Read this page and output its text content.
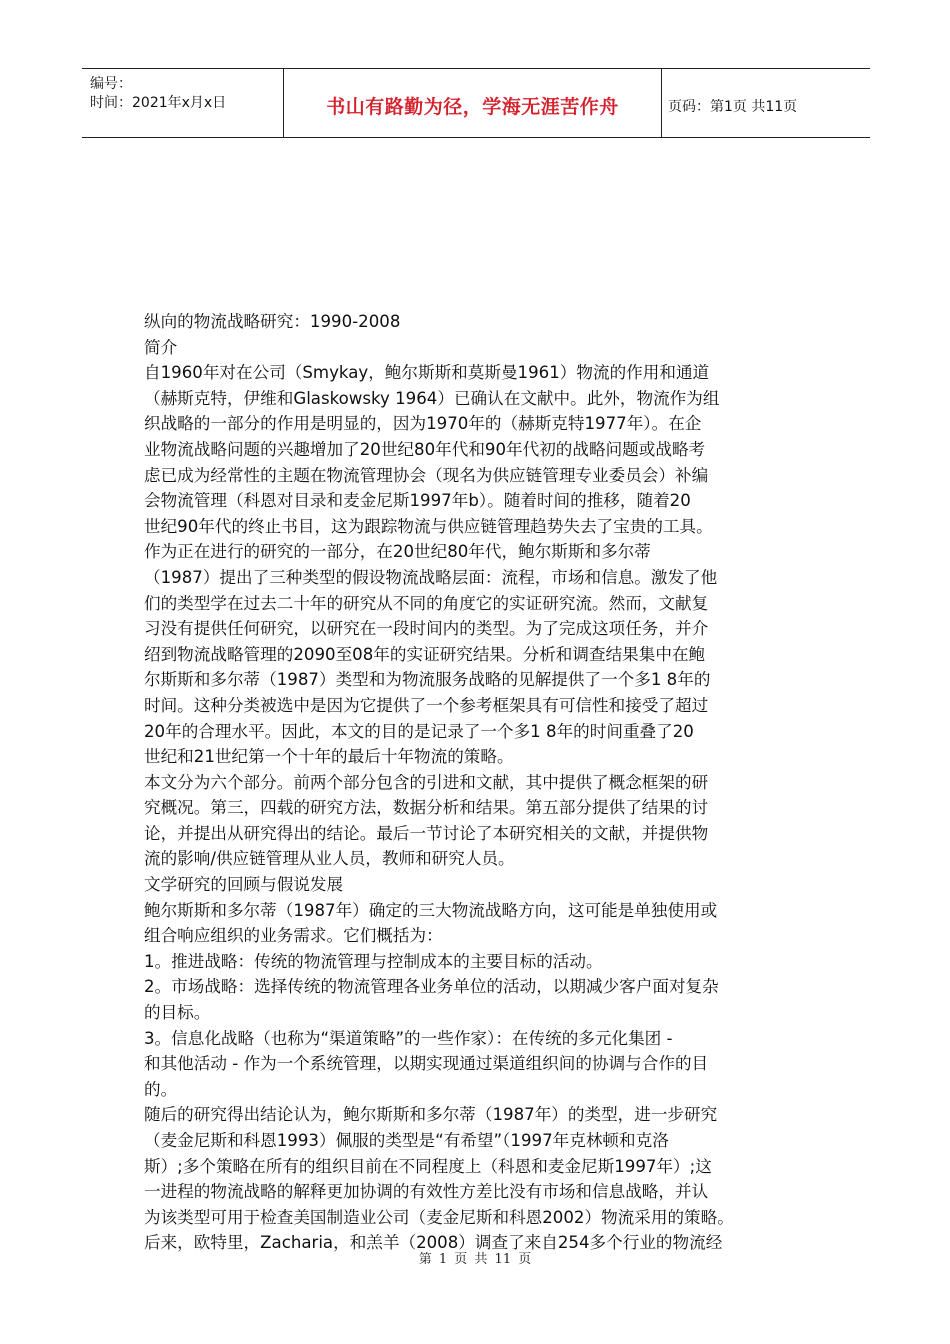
编号：
时间：2021年x月x日	书山有路勤为径，学海无涯苦作舟	页码：第1页 共11页

纵向的物流战略研究：1990-2008

简介

自1960年对在公司（Smykay，鲍尔斯斯和莫斯曼1961）物流的作用和通道

（赫斯克特，伊维和Glaskowsky 1964）已确认在文献中。此外，物流作为组

织战略的一部分的作用是明显的，因为1970年的（赫斯克特1977年）。在企

业物流战略问题的兴趣增加了20世纪80年代和90年代初的战略问题或战略考

虑已成为经常性的主题在物流管理协会（现名为供应链管理专业委员会）补编

会物流管理（科恩对目录和麦金尼斯1997年b）。随着时间的推移，随着20

世纪90年代的终止书目，这为跟踪物流与供应链管理趋势失去了宝贵的工具。

作为正在进行的研究的一部分，在20世纪80年代，鲍尔斯斯和多尔蒂

（1987）提出了三种类型的假设物流战略层面：流程，市场和信息。激发了他

们的类型学在过去二十年的研究从不同的角度它的实证研究流。然而，文献复

习没有提供任何研究，以研究在一段时间内的类型。为了完成这项任务，并介

绍到物流战略管理的2090至08年的实证研究结果。分析和调查结果集中在鲍

尔斯斯和多尔蒂（1987）类型和为物流服务战略的见解提供了一个多1 8年的

时间。这种分类被选中是因为它提供了一个参考框架具有可信性和接受了超过

20年的合理水平。因此，本文的目的是记录了一个多1 8年的时间重叠了20

世纪和21世纪第一个十年的最后十年物流的策略。

本文分为六个部分。前两个部分包含的引进和文献，其中提供了概念框架的研

究概况。第三，四载的研究方法，数据分析和结果。第五部分提供了结果的讨

论，并提出从研究得出的结论。最后一节讨论了本研究相关的文献，并提供物

流的影响/供应链管理从业人员，教师和研究人员。

文学研究的回顾与假说发展

鲍尔斯斯和多尔蒂（1987年）确定的三大物流战略方向，这可能是单独使用或

组合响应组织的业务需求。它们概括为：

1。推进战略：传统的物流管理与控制成本的主要目标的活动。

2。市场战略：选择传统的物流管理各业务单位的活动，以期减少客户面对复杂

的目标。

3。信息化战略（也称为“渠道策略”的一些作家）：在传统的多元化集团 -

和其他活动 - 作为一个系统管理，以期实现通过渠道组织间的协调与合作的目

的。

随后的研究得出结论认为，鲍尔斯斯和多尔蒂（1987年）的类型，进一步研究

（麦金尼斯和科恩1993）佩服的类型是“有希望”（1997年克林顿和克洛

斯）;多个策略在所有的组织目前在不同程度上（科恩和麦金尼斯1997年）;这

一进程的物流战略的解释更加协调的有效性方差比没有市场和信息战略，并认

为该类型可用于检查美国制造业公司（麦金尼斯和科恩2002）物流采用的策略。

后来，欧特里，Zacharia，和羔羊（2008）调查了来自254多个行业的物流经

第 1 页 共 11 页
